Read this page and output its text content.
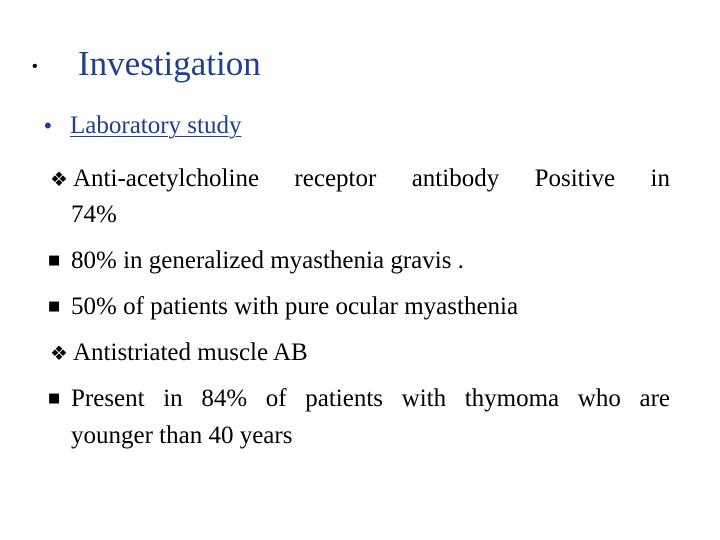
• Investigation
• Laboratory study
❖ Anti-acetylcholine receptor antibody Positive in
74%
■ 80% in generalized myasthenia gravis .
■ 50% of patients with pure ocular myasthenia
❖ Antistriated muscle AB
■ Present in 84% of patients with thymoma who are
younger than 40 years
